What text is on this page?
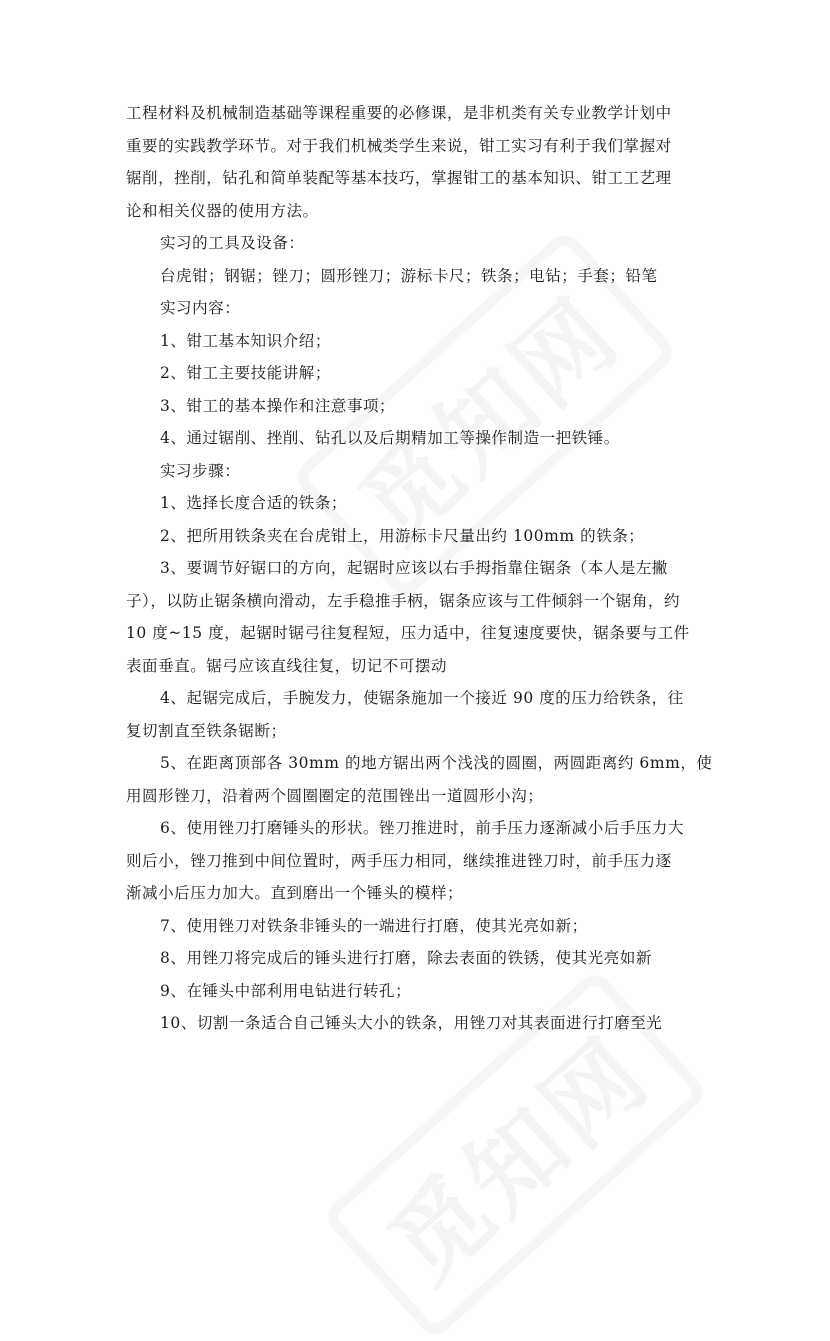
工程材料及机械制造基础等课程重要的必修课，是非机类有关专业教学计划中
重要的实践教学环节。对于我们机械类学生来说，钳工实习有利于我们掌握对
锯削，挫削，钻孔和简单装配等基本技巧，掌握钳工的基本知识、钳工工艺理
论和相关仪器的使用方法。
实习的工具及设备：
台虎钳；钢锯；锉刀；圆形锉刀；游标卡尺；铁条；电钻；手套；铅笔
实习内容：
1、钳工基本知识介绍；
2、钳工主要技能讲解；
3、钳工的基本操作和注意事项；
4、通过锯削、挫削、钻孔以及后期精加工等操作制造一把铁锤。
实习步骤：
1、选择长度合适的铁条；
2、把所用铁条夹在台虎钳上，用游标卡尺量出约 100mm 的铁条；
3、要调节好锯口的方向，起锯时应该以右手拇指靠住锯条（本人是左撇
子），以防止锯条横向滑动，左手稳推手柄，锯条应该与工件倾斜一个锯角，约
10 度~15 度，起锯时锯弓往复程短，压力适中，往复速度要快，锯条要与工件
表面垂直。锯弓应该直线往复，切记不可摆动
4、起锯完成后，手腕发力，使锯条施加一个接近 90 度的压力给铁条，往
复切割直至铁条锯断；
5、在距离顶部各 30mm 的地方锯出两个浅浅的圆圈，两圆距离约 6mm，使
用圆形锉刀，沿着两个圆圈圈定的范围锉出一道圆形小沟；
6、使用锉刀打磨锤头的形状。锉刀推进时，前手压力逐渐减小后手压力大
则后小，锉刀推到中间位置时，两手压力相同，继续推进锉刀时，前手压力逐
渐减小后压力加大。直到磨出一个锤头的模样；
7、使用锉刀对铁条非锤头的一端进行打磨，使其光亮如新；
8、用锉刀将完成后的锤头进行打磨，除去表面的铁锈，使其光亮如新
9、在锤头中部利用电钻进行转孔；
10、切割一条适合自己锤头大小的铁条，用锉刀对其表面进行打磨至光
